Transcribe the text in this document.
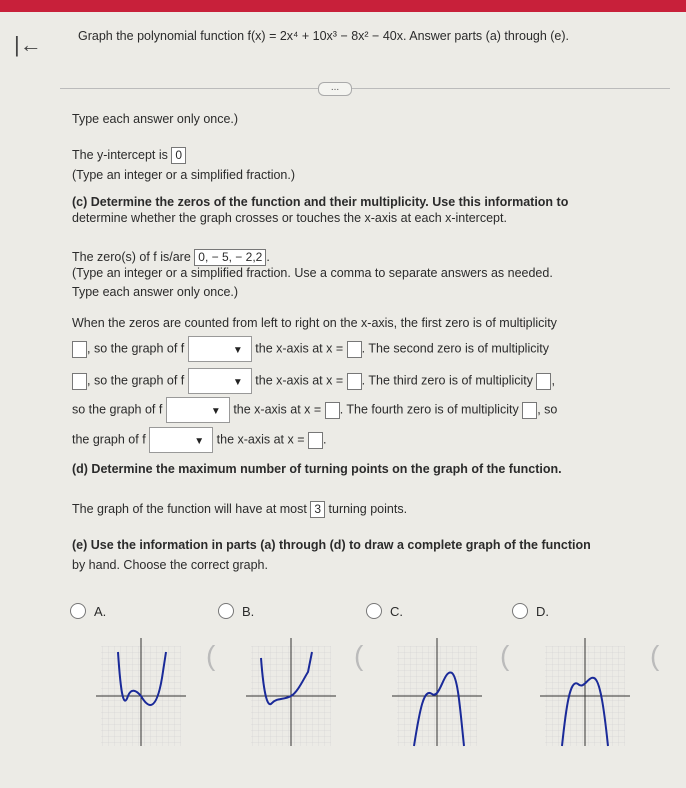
|←	Graph the polynomial function f(x) = 2x⁴ + 10x³ − 8x² − 40x. Answer parts (a) through (e).
...
Type each answer only once.)
The y-intercept is 0
(Type an integer or a simplified fraction.)
(c) Determine the zeros of the function and their multiplicity. Use this information to
determine whether the graph crosses or touches the x-axis at each x-intercept.
The zero(s) of f is/are 0, − 5, − 2,2 .
(Type an integer or a simplified fraction. Use a comma to separate answers as needed.
Type each answer only once.)
When the zeros are counted from left to right on the x-axis, the first zero is of multiplicity
, so the graph of f	▼ the x-axis at x = . The second zero is of multiplicity
, so the graph of f	▼ the x-axis at x = . The third zero is of multiplicity ,
so the graph of f	▼ the x-axis at x = . The fourth zero is of multiplicity , so
the graph of f	▼ the x-axis at x = .
(d) Determine the maximum number of turning points on the graph of the function.
The graph of the function will have at most 3 turning points.
(e) Use the information in parts (a) through (d) to draw a complete graph of the function
by hand. Choose the correct graph.
A.	B.	C.	D.
(	(	(	(
